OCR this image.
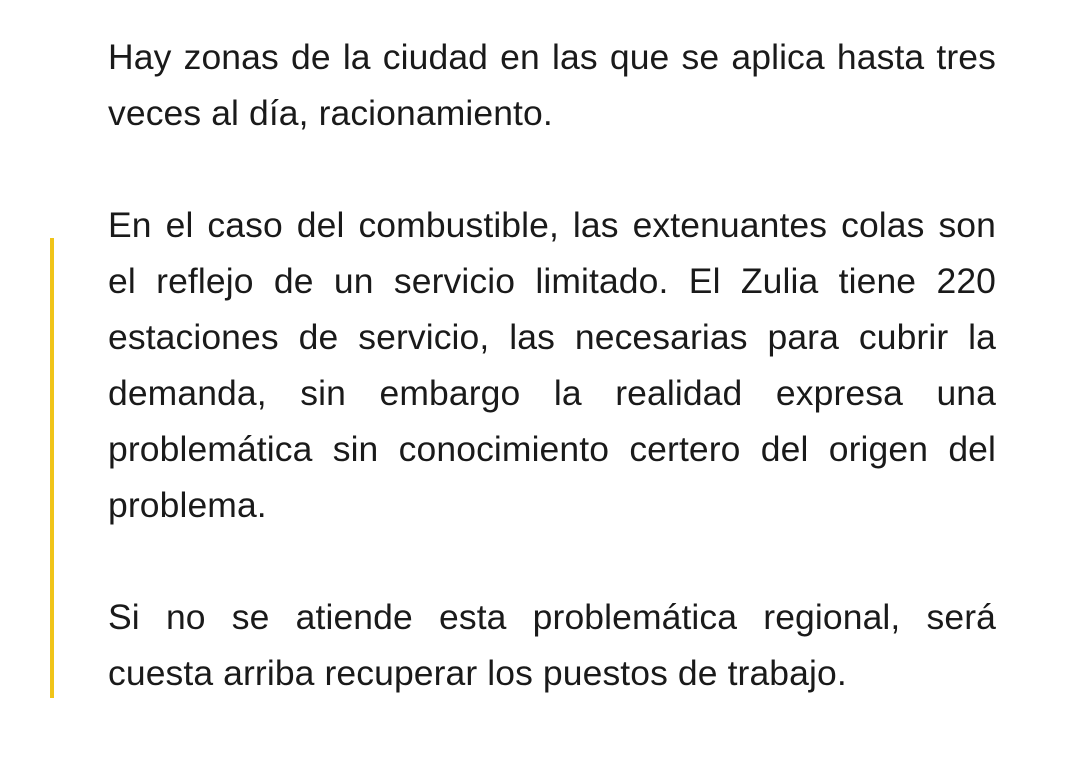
Hay zonas de la ciudad en las que se aplica hasta tres veces al día, racionamiento.

En el caso del combustible, las extenuantes colas son el reflejo de un servicio limitado. El Zulia tiene 220 estaciones de servicio, las necesarias para cubrir la demanda, sin embargo la realidad expresa una problemática sin conocimiento certero del origen del problema.

Si no se atiende esta problemática regional, será cuesta arriba recuperar los puestos de trabajo.
